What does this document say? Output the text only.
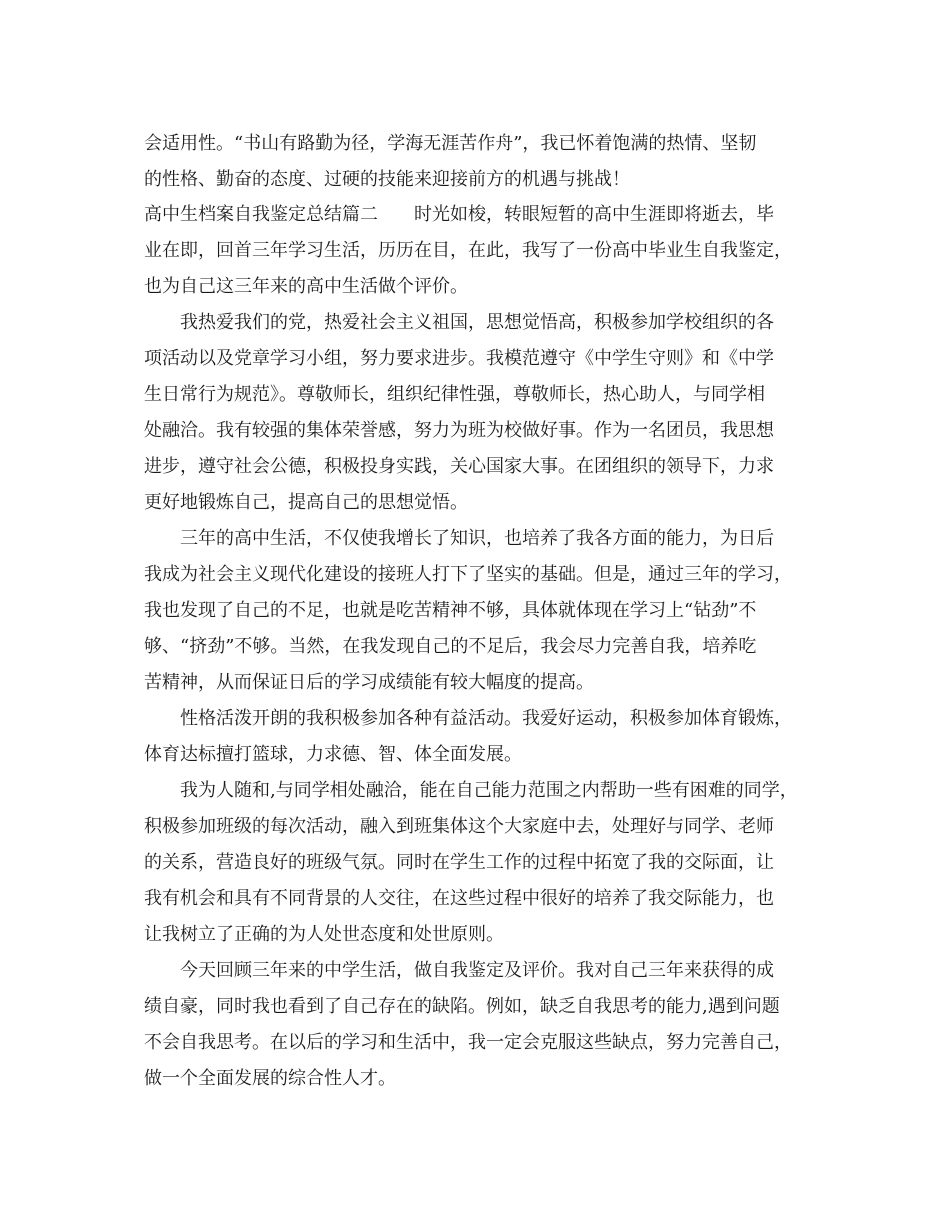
会适用性。“书山有路勤为径，学海无涯苦作舟”，我已怀着饱满的热情、坚韧
的性格、勤奋的态度、过硬的技能来迎接前方的机遇与挑战！
高中生档案自我鉴定总结篇二　　时光如梭，转眼短暂的高中生涯即将逝去，毕
业在即，回首三年学习生活，历历在目，在此，我写了一份高中毕业生自我鉴定，
也为自己这三年来的高中生活做个评价。
我热爱我们的党，热爱社会主义祖国，思想觉悟高，积极参加学校组织的各
项活动以及党章学习小组，努力要求进步。我模范遵守《中学生守则》和《中学
生日常行为规范》。尊敬师长，组织纪律性强，尊敬师长，热心助人，与同学相
处融洽。我有较强的集体荣誉感，努力为班为校做好事。作为一名团员，我思想
进步，遵守社会公德，积极投身实践，关心国家大事。在团组织的领导下，力求
更好地锻炼自己，提高自己的思想觉悟。
三年的高中生活，不仅使我增长了知识，也培养了我各方面的能力，为日后
我成为社会主义现代化建设的接班人打下了坚实的基础。但是，通过三年的学习，
我也发现了自己的不足，也就是吃苦精神不够，具体就体现在学习上“钻劲”不
够、“挤劲”不够。当然，在我发现自己的不足后，我会尽力完善自我，培养吃
苦精神，从而保证日后的学习成绩能有较大幅度的提高。
性格活泼开朗的我积极参加各种有益活动。我爱好运动，积极参加体育锻炼，
体育达标擅打篮球，力求德、智、体全面发展。
我为人随和,与同学相处融洽，能在自己能力范围之内帮助一些有困难的同学，
积极参加班级的每次活动，融入到班集体这个大家庭中去，处理好与同学、老师
的关系，营造良好的班级气氛。同时在学生工作的过程中拓宽了我的交际面，让
我有机会和具有不同背景的人交往，在这些过程中很好的培养了我交际能力，也
让我树立了正确的为人处世态度和处世原则。
今天回顾三年来的中学生活，做自我鉴定及评价。我对自己三年来获得的成
绩自豪，同时我也看到了自己存在的缺陷。例如，缺乏自我思考的能力,遇到问题
不会自我思考。在以后的学习和生活中，我一定会克服这些缺点，努力完善自己，
做一个全面发展的综合性人才。
